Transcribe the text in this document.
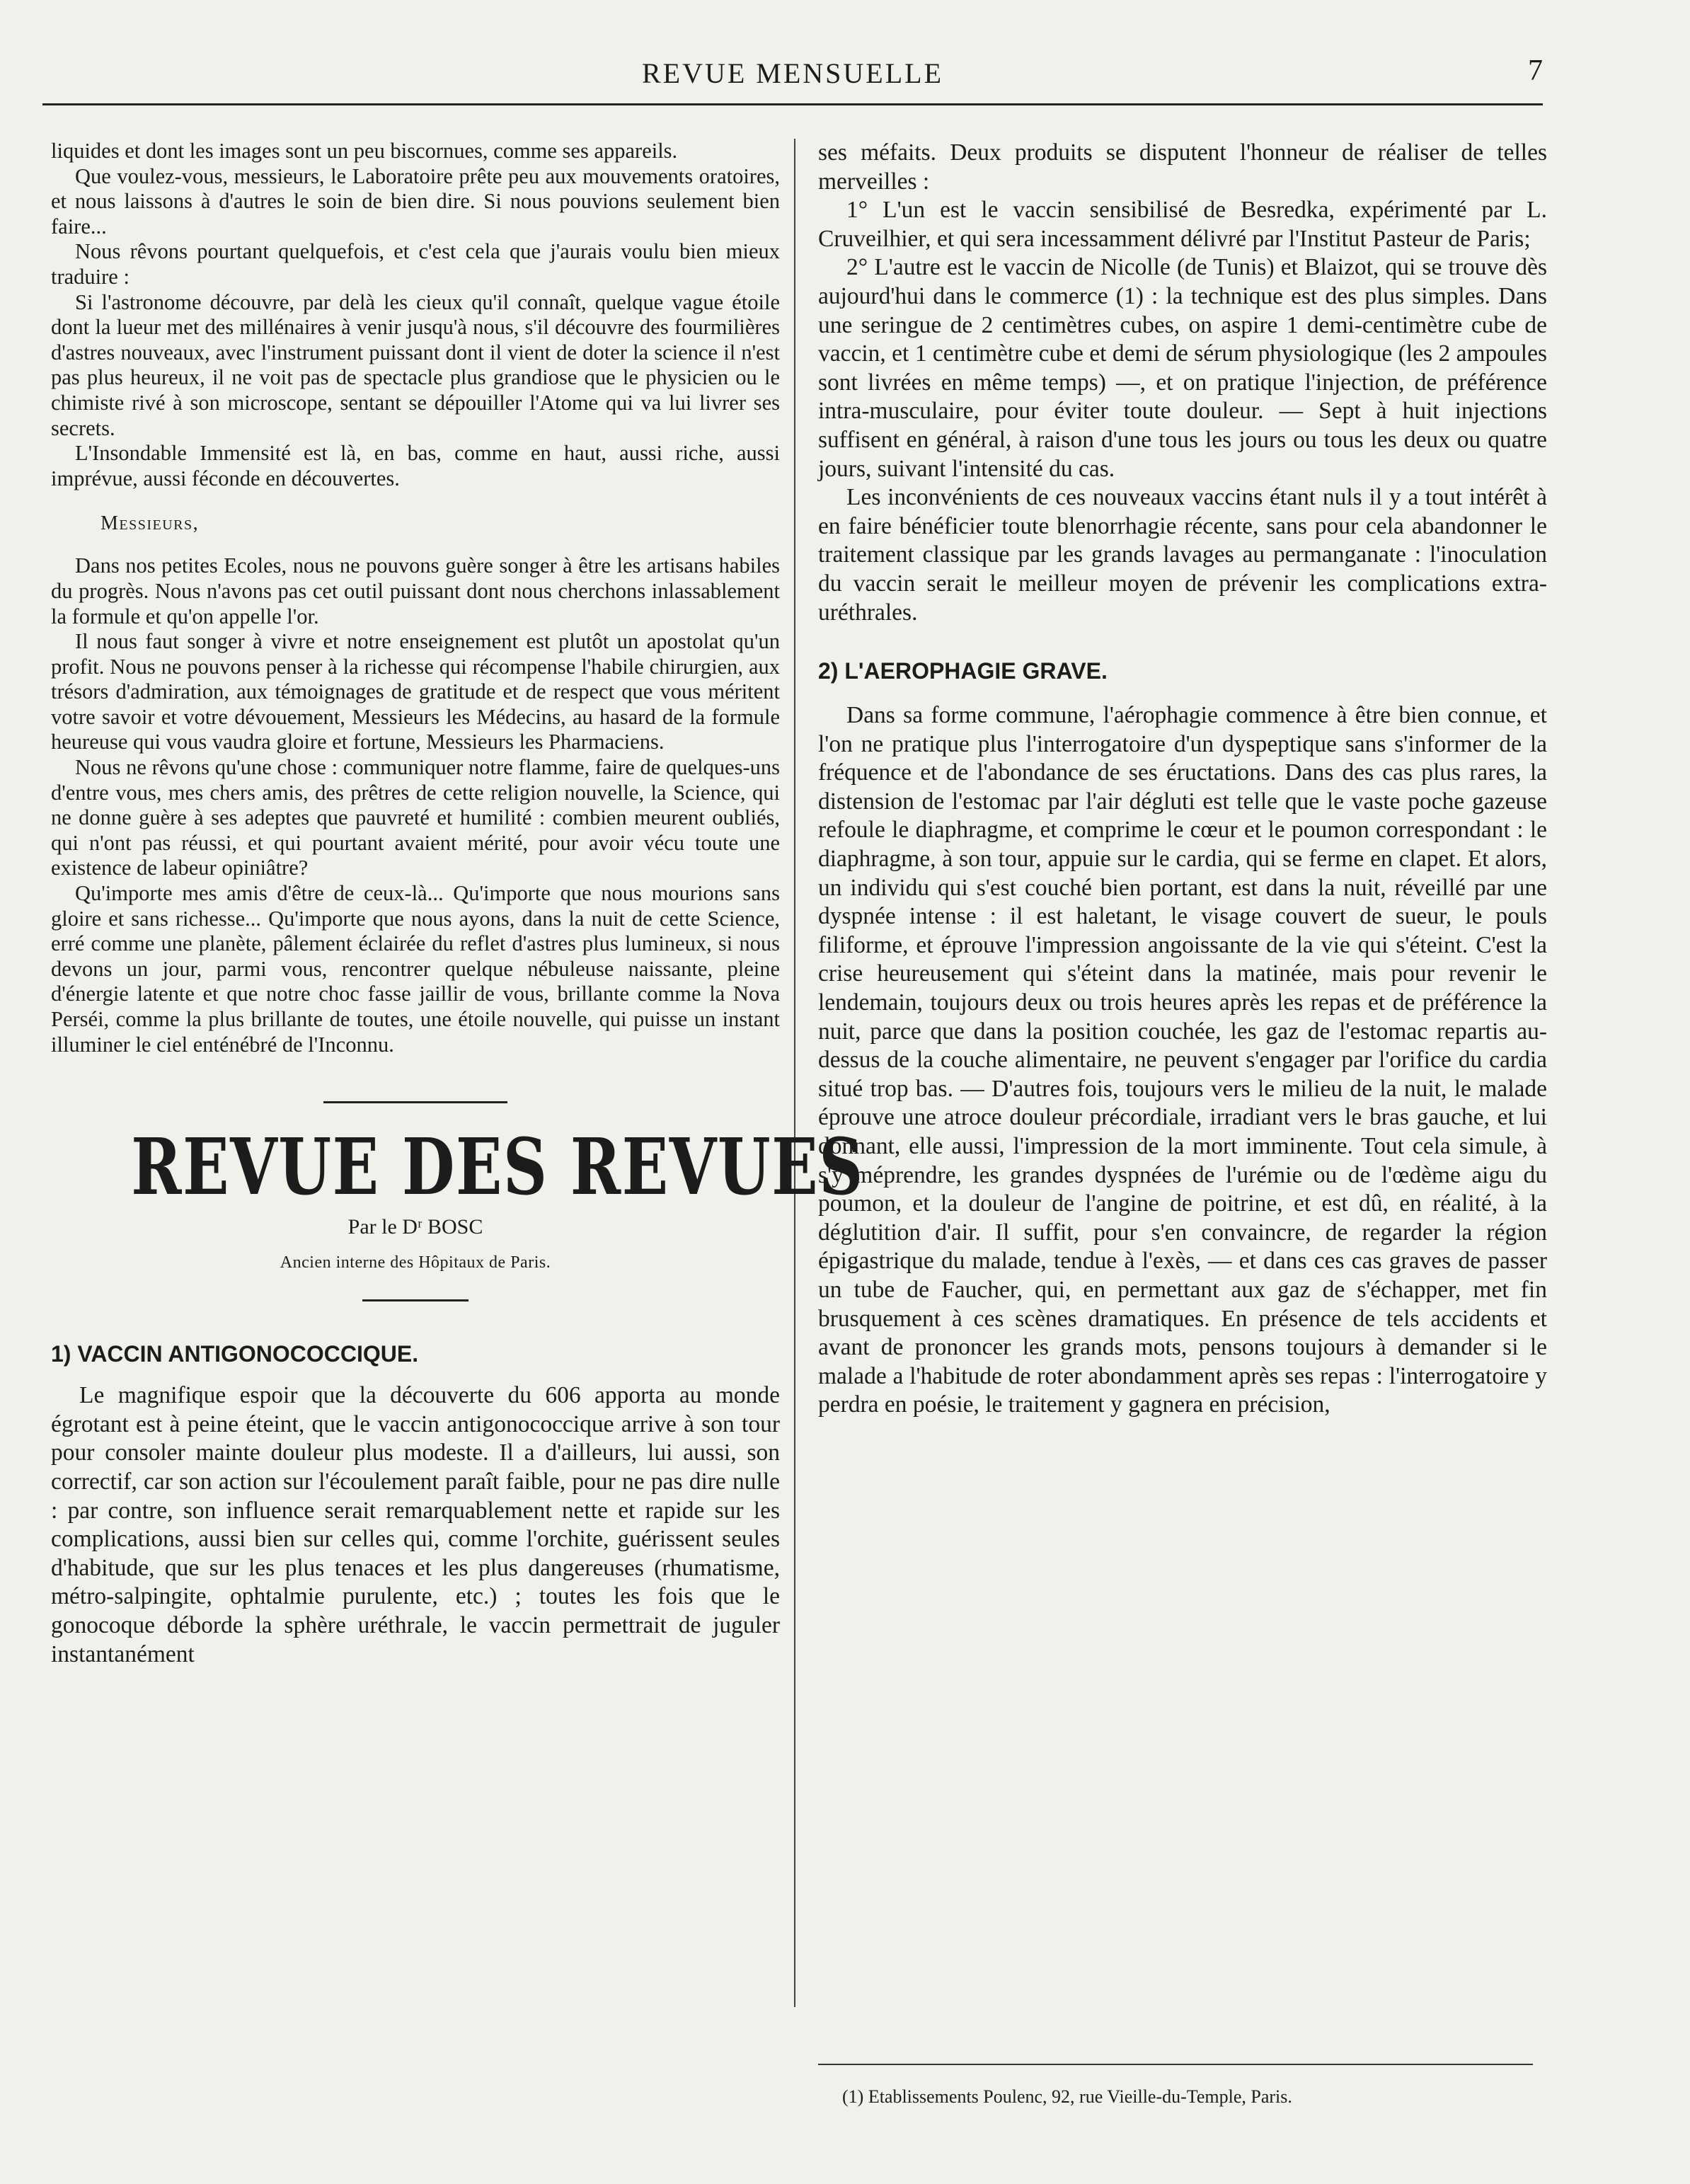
REVUE MENSUELLE	7

liquides et dont les images sont un peu biscornues, comme ses appareils.

Que voulez-vous, messieurs, le Laboratoire prête peu aux mouvements oratoires, et nous laissons à d'autres le soin de bien dire. Si nous pouvions seulement bien faire...

Nous rêvons pourtant quelquefois, et c'est cela que j'aurais voulu bien mieux traduire :

Si l'astronome découvre, par delà les cieux qu'il connaît, quelque vague étoile dont la lueur met des millénaires à venir jusqu'à nous, s'il découvre des fourmilières d'astres nouveaux, avec l'instrument puissant dont il vient de doter la science il n'est pas plus heureux, il ne voit pas de spectacle plus grandiose que le physicien ou le chimiste rivé à son microscope, sentant se dépouiller l'Atome qui va lui livrer ses secrets.

L'Insondable Immensité est là, en bas, comme en haut, aussi riche, aussi imprévue, aussi féconde en découvertes.

Messieurs,

Dans nos petites Ecoles, nous ne pouvons guère songer à être les artisans habiles du progrès. Nous n'avons pas cet outil puissant dont nous cherchons inlassablement la formule et qu'on appelle l'or.

Il nous faut songer à vivre et notre enseignement est plutôt un apostolat qu'un profit. Nous ne pouvons penser à la richesse qui récompense l'habile chirurgien, aux trésors d'admiration, aux témoignages de gratitude et de respect que vous méritent votre savoir et votre dévouement, Messieurs les Médecins, au hasard de la formule heureuse qui vous vaudra gloire et fortune, Messieurs les Pharmaciens.

Nous ne rêvons qu'une chose : communiquer notre flamme, faire de quelques-uns d'entre vous, mes chers amis, des prêtres de cette religion nouvelle, la Science, qui ne donne guère à ses adeptes que pauvreté et humilité : combien meurent oubliés, qui n'ont pas réussi, et qui pourtant avaient mérité, pour avoir vécu toute une existence de labeur opiniâtre?

Qu'importe mes amis d'être de ceux-là... Qu'importe que nous mourions sans gloire et sans richesse... Qu'importe que nous ayons, dans la nuit de cette Science, erré comme une planète, pâlement éclairée du reflet d'astres plus lumineux, si nous devons un jour, parmi vous, rencontrer quelque nébuleuse naissante, pleine d'énergie latente et que notre choc fasse jaillir de vous, brillante comme la Nova Perséi, comme la plus brillante de toutes, une étoile nouvelle, qui puisse un instant illuminer le ciel enténébré de l'Inconnu.

REVUE DES REVUES
Par le Dʳ BOSC
Ancien interne des Hôpitaux de Paris.
1) VACCIN ANTIGONOCOCCIQUE.

Le magnifique espoir que la découverte du 606 apporta au monde égrotant est à peine éteint, que le vaccin antigonococcique arrive à son tour pour consoler mainte douleur plus modeste. Il a d'ailleurs, lui aussi, son correctif, car son action sur l'écoulement paraît faible, pour ne pas dire nulle : par contre, son influence serait remarquablement nette et rapide sur les complications, aussi bien sur celles qui, comme l'orchite, guérissent seules d'habitude, que sur les plus tenaces et les plus dangereuses (rhumatisme, métro-salpingite, ophtalmie purulente, etc.) ; toutes les fois que le gonocoque déborde la sphère uréthrale, le vaccin permettrait de juguler instantanément

ses méfaits. Deux produits se disputent l'honneur de réaliser de telles merveilles :

1° L'un est le vaccin sensibilisé de Besredka, expérimenté par L. Cruveilhier, et qui sera incessamment délivré par l'Institut Pasteur de Paris;

2° L'autre est le vaccin de Nicolle (de Tunis) et Blaizot, qui se trouve dès aujourd'hui dans le commerce (1) : la technique est des plus simples. Dans une seringue de 2 centimètres cubes, on aspire 1 demi-centimètre cube de vaccin, et 1 centimètre cube et demi de sérum physiologique (les 2 ampoules sont livrées en même temps) —, et on pratique l'injection, de préférence intra-musculaire, pour éviter toute douleur. — Sept à huit injections suffisent en général, à raison d'une tous les jours ou tous les deux ou quatre jours, suivant l'intensité du cas.

Les inconvénients de ces nouveaux vaccins étant nuls il y a tout intérêt à en faire bénéficier toute blenorrhagie récente, sans pour cela abandonner le traitement classique par les grands lavages au permanganate : l'inoculation du vaccin serait le meilleur moyen de prévenir les complications extra-uréthrales.

2) L'AEROPHAGIE GRAVE.

Dans sa forme commune, l'aérophagie commence à être bien connue, et l'on ne pratique plus l'interrogatoire d'un dyspeptique sans s'informer de la fréquence et de l'abondance de ses éructations. Dans des cas plus rares, la distension de l'estomac par l'air dégluti est telle que le vaste poche gazeuse refoule le diaphragme, et comprime le cœur et le poumon correspondant : le diaphragme, à son tour, appuie sur le cardia, qui se ferme en clapet. Et alors, un individu qui s'est couché bien portant, est dans la nuit, réveillé par une dyspnée intense : il est haletant, le visage couvert de sueur, le pouls filiforme, et éprouve l'impression angoissante de la vie qui s'éteint. C'est la crise heureusement qui s'éteint dans la matinée, mais pour revenir le lendemain, toujours deux ou trois heures après les repas et de préférence la nuit, parce que dans la position couchée, les gaz de l'estomac repartis au-dessus de la couche alimentaire, ne peuvent s'engager par l'orifice du cardia situé trop bas. — D'autres fois, toujours vers le milieu de la nuit, le malade éprouve une atroce douleur précordiale, irradiant vers le bras gauche, et lui donnant, elle aussi, l'impression de la mort imminente. Tout cela simule, à s'y méprendre, les grandes dyspnées de l'urémie ou de l'œdème aigu du poumon, et la douleur de l'angine de poitrine, et est dû, en réalité, à la déglutition d'air. Il suffit, pour s'en convaincre, de regarder la région épigastrique du malade, tendue à l'exès, — et dans ces cas graves de passer un tube de Faucher, qui, en permettant aux gaz de s'échapper, met fin brusquement à ces scènes dramatiques. En présence de tels accidents et avant de prononcer les grands mots, pensons toujours à demander si le malade a l'habitude de roter abondamment après ses repas : l'interrogatoire y perdra en poésie, le traitement y gagnera en précision,

(1) Etablissements Poulenc, 92, rue Vieille-du-Temple, Paris.
